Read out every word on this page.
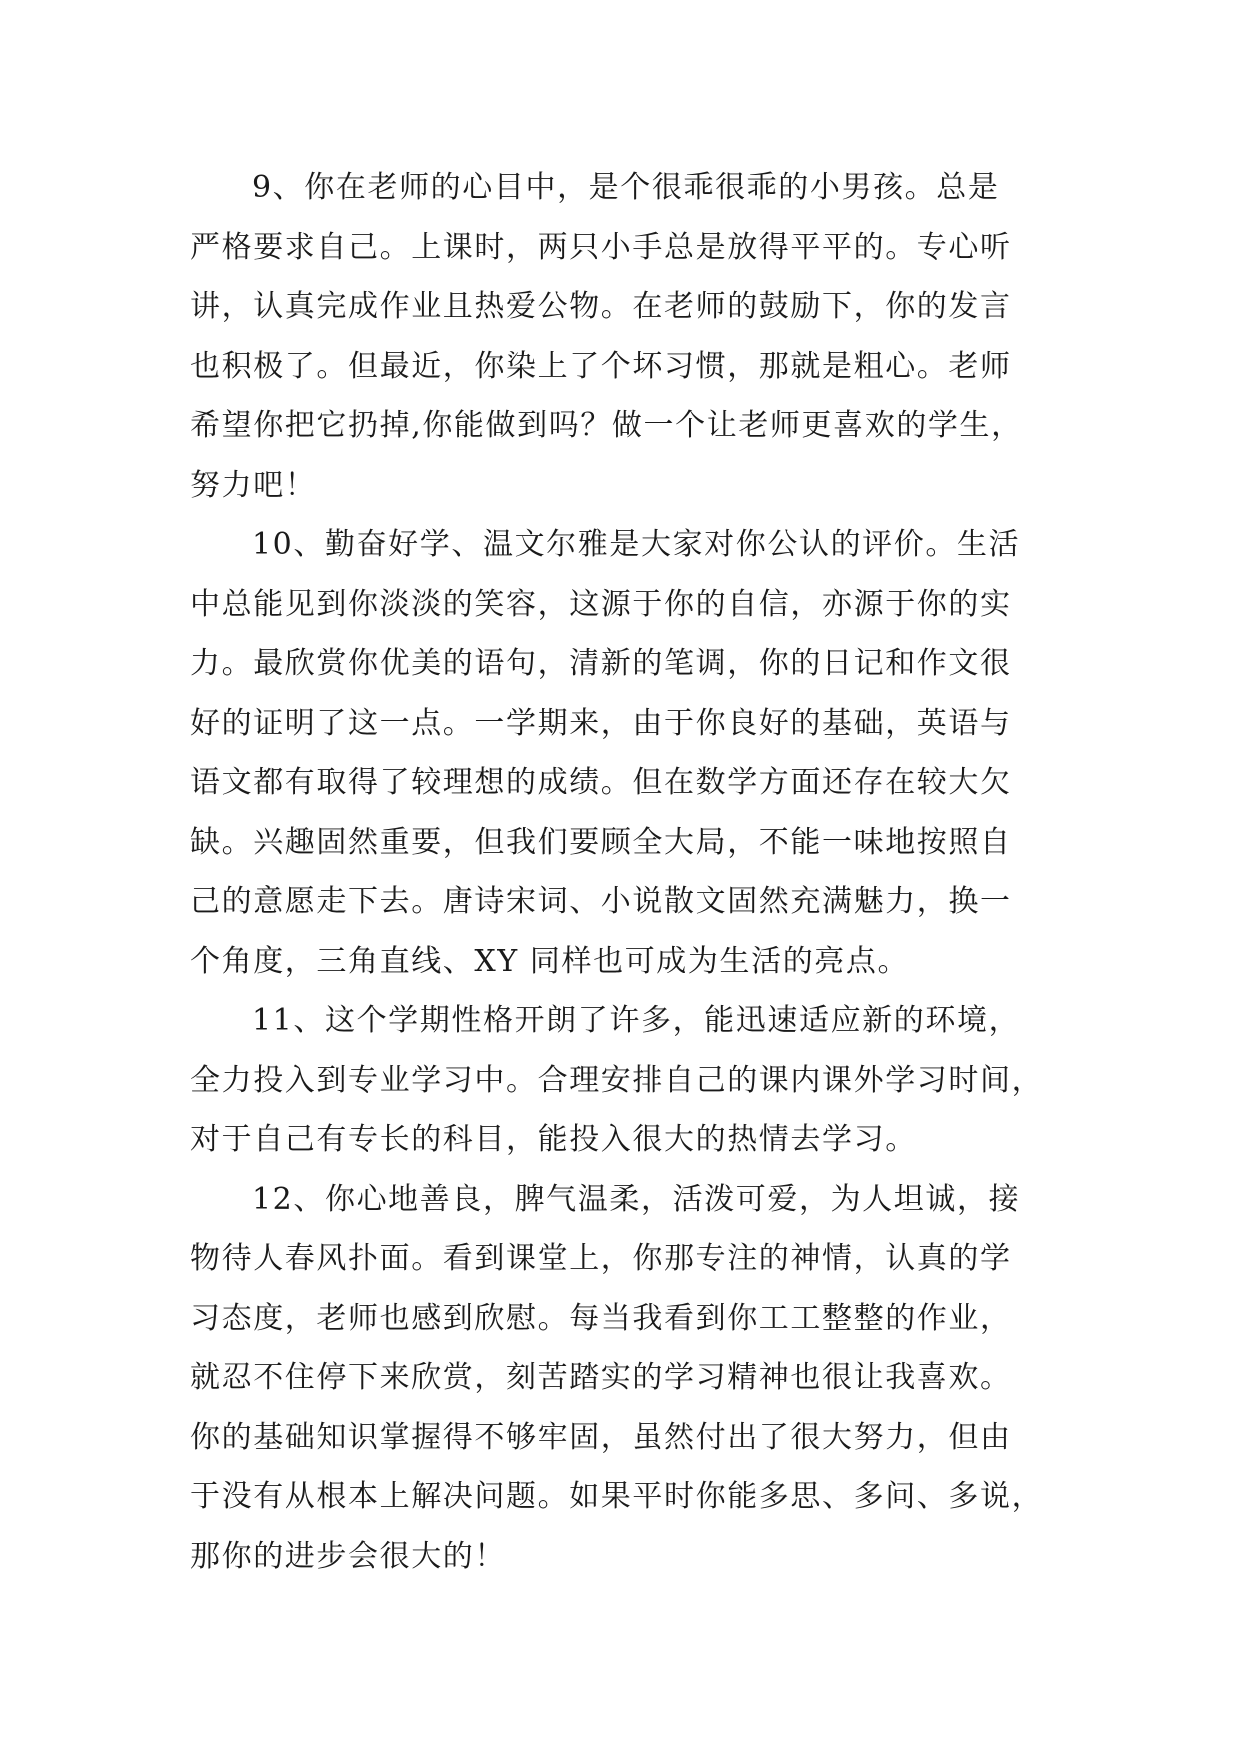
9、你在老师的心目中，是个很乖很乖的小男孩。总是
严格要求自己。上课时，两只小手总是放得平平的。专心听
讲，认真完成作业且热爱公物。在老师的鼓励下，你的发言
也积极了。但最近，你染上了个坏习惯，那就是粗心。老师
希望你把它扔掉,你能做到吗？做一个让老师更喜欢的学生，
努力吧！

10、勤奋好学、温文尔雅是大家对你公认的评价。生活
中总能见到你淡淡的笑容，这源于你的自信，亦源于你的实
力。最欣赏你优美的语句，清新的笔调，你的日记和作文很
好的证明了这一点。一学期来，由于你良好的基础，英语与
语文都有取得了较理想的成绩。但在数学方面还存在较大欠
缺。兴趣固然重要，但我们要顾全大局，不能一味地按照自
己的意愿走下去。唐诗宋词、小说散文固然充满魅力，换一
个角度，三角直线、XY 同样也可成为生活的亮点。

11、这个学期性格开朗了许多，能迅速适应新的环境，
全力投入到专业学习中。合理安排自己的课内课外学习时间，
对于自己有专长的科目，能投入很大的热情去学习。

12、你心地善良，脾气温柔，活泼可爱，为人坦诚，接
物待人春风扑面。看到课堂上，你那专注的神情，认真的学
习态度，老师也感到欣慰。每当我看到你工工整整的作业，
就忍不住停下来欣赏，刻苦踏实的学习精神也很让我喜欢。
你的基础知识掌握得不够牢固，虽然付出了很大努力，但由
于没有从根本上解决问题。如果平时你能多思、多问、多说，
那你的进步会很大的！
